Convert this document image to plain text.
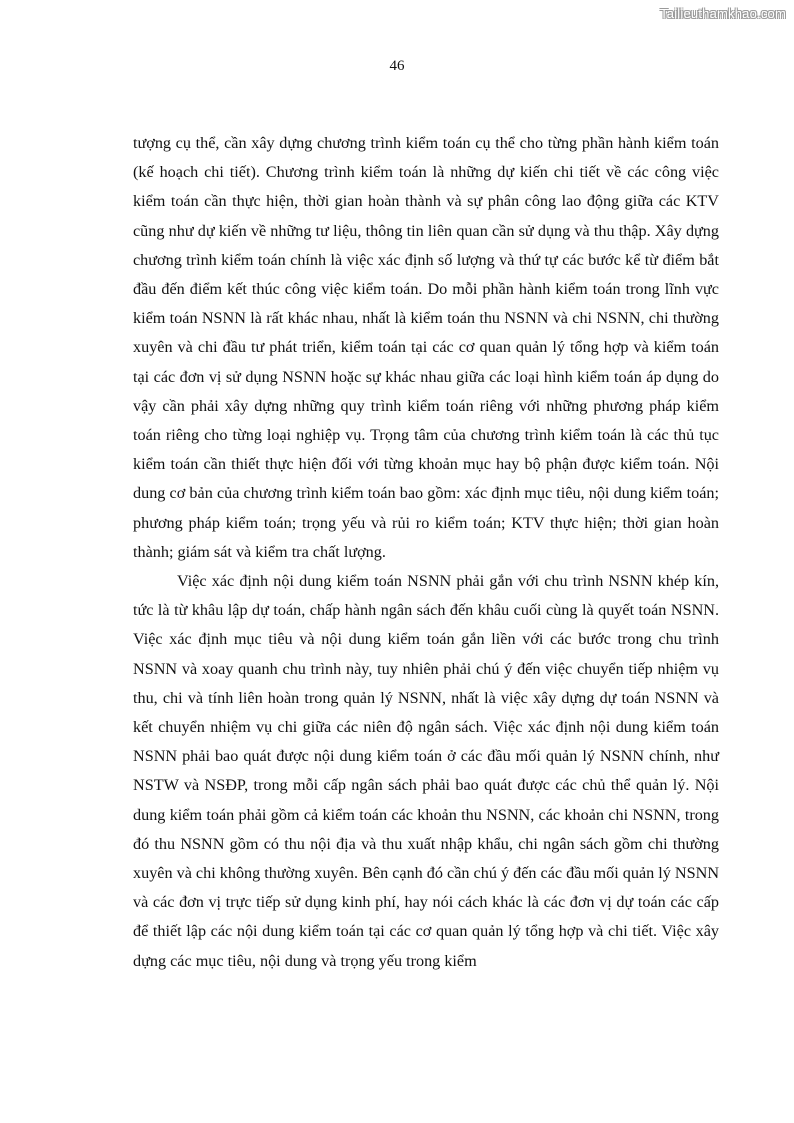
Tailieuthamkhao.com
46

tượng cụ thể, cần xây dựng chương trình kiểm toán cụ thể cho từng phần hành kiểm toán (kế hoạch chi tiết). Chương trình kiểm toán là những dự kiến chi tiết về các công việc kiểm toán cần thực hiện, thời gian hoàn thành và sự phân công lao động giữa các KTV cũng như dự kiến về những tư liệu, thông tin liên quan cần sử dụng và thu thập. Xây dựng chương trình kiểm toán chính là việc xác định số lượng và thứ tự các bước kể từ điểm bắt đầu đến điểm kết thúc công việc kiểm toán. Do mỗi phần hành kiểm toán trong lĩnh vực kiểm toán NSNN là rất khác nhau, nhất là kiểm toán thu NSNN và chi NSNN, chi thường xuyên và chi đầu tư phát triển, kiểm toán tại các cơ quan quản lý tổng hợp và kiểm toán tại các đơn vị sử dụng NSNN hoặc sự khác nhau giữa các loại hình kiểm toán áp dụng do vậy cần phải xây dựng những quy trình kiểm toán riêng với những phương pháp kiểm toán riêng cho từng loại nghiệp vụ. Trọng tâm của chương trình kiểm toán là các thủ tục kiểm toán cần thiết thực hiện đối với từng khoản mục hay bộ phận được kiểm toán. Nội dung cơ bản của chương trình kiểm toán bao gồm: xác định mục tiêu, nội dung kiểm toán; phương pháp kiểm toán; trọng yếu và rủi ro kiểm toán; KTV thực hiện; thời gian hoàn thành; giám sát và kiểm tra chất lượng.

Việc xác định nội dung kiểm toán NSNN phải gắn với chu trình NSNN khép kín, tức là từ khâu lập dự toán, chấp hành ngân sách đến khâu cuối cùng là quyết toán NSNN. Việc xác định mục tiêu và nội dung kiểm toán gắn liền với các bước trong chu trình NSNN và xoay quanh chu trình này, tuy nhiên phải chú ý đến việc chuyển tiếp nhiệm vụ thu, chi và tính liên hoàn trong quản lý NSNN, nhất là việc xây dựng dự toán NSNN và kết chuyển nhiệm vụ chi giữa các niên độ ngân sách. Việc xác định nội dung kiểm toán NSNN phải bao quát được nội dung kiểm toán ở các đầu mối quản lý NSNN chính, như NSTW và NSĐP, trong mỗi cấp ngân sách phải bao quát được các chủ thể quản lý. Nội dung kiểm toán phải gồm cả kiểm toán các khoản thu NSNN, các khoản chi NSNN, trong đó thu NSNN gồm có thu nội địa và thu xuất nhập khẩu, chi ngân sách gồm chi thường xuyên và chi không thường xuyên. Bên cạnh đó cần chú ý đến các đầu mối quản lý NSNN và các đơn vị trực tiếp sử dụng kinh phí, hay nói cách khác là các đơn vị dự toán các cấp để thiết lập các nội dung kiểm toán tại các cơ quan quản lý tổng hợp và chi tiết. Việc xây dựng các mục tiêu, nội dung và trọng yếu trong kiểm
